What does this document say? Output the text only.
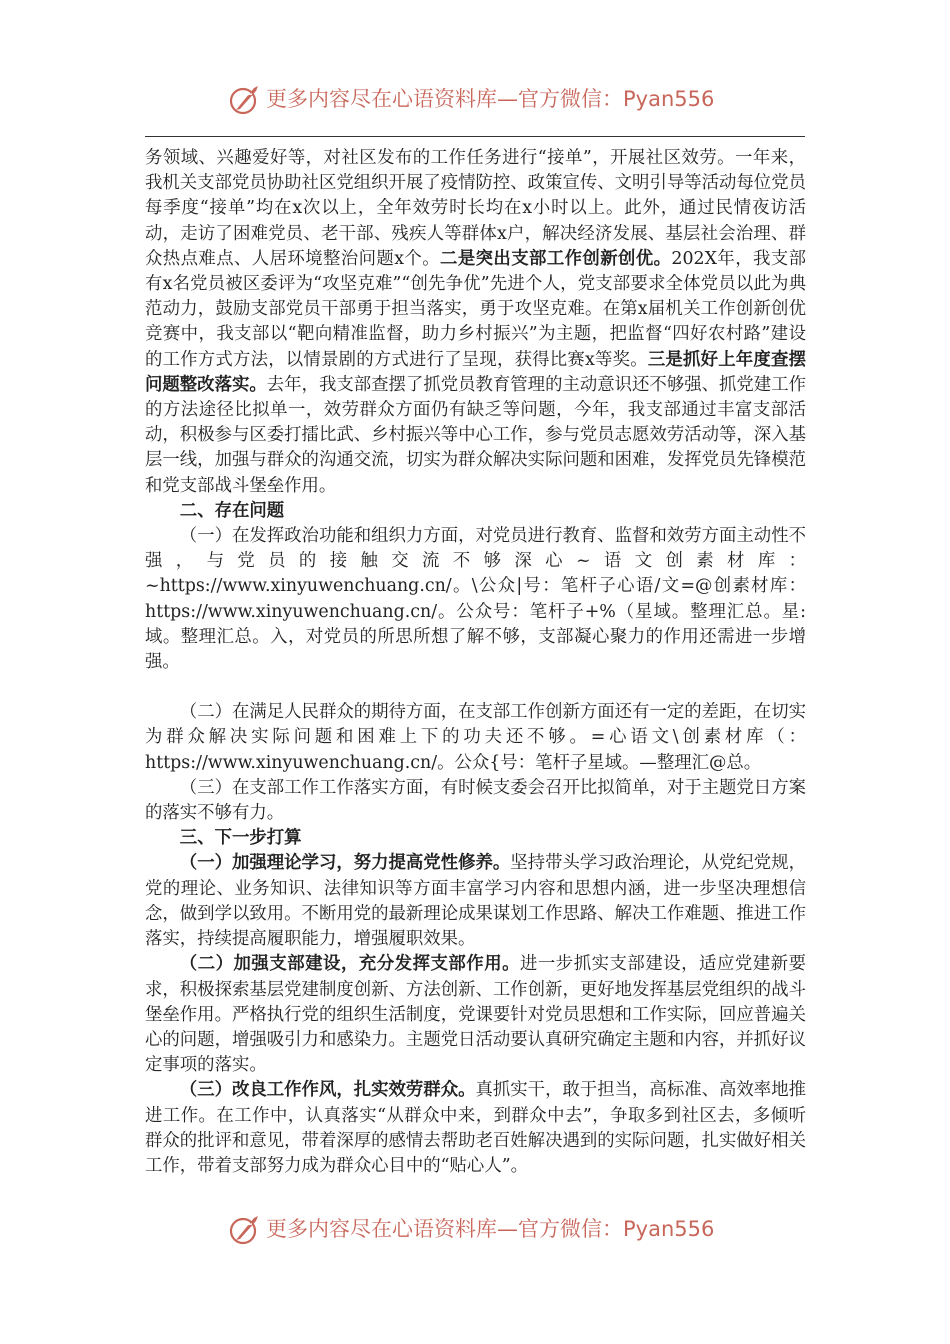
更多内容尽在心语资料库—官方微信：Pyan556

务领域、兴趣爱好等，对社区发布的工作任务进行“接单”，开展社区效劳。一年来，我机关支部党员协助社区党组织开展了疫情防控、政策宣传、文明引导等活动每位党员每季度“接单”均在x次以上，全年效劳时长均在x小时以上。此外，通过民情夜访活动，走访了困难党员、老干部、残疾人等群体x户，解决经济发展、基层社会治理、群众热点难点、人居环境整治问题x个。二是突出支部工作创新创优。202X年，我支部有x名党员被区委评为“攻坚克难”“创先争优”先进个人，党支部要求全体党员以此为典范动力，鼓励支部党员干部勇于担当落实，勇于攻坚克难。在第x届机关工作创新创优竞赛中，我支部以“靶向精准监督，助力乡村振兴”为主题，把监督“四好农村路”建设的工作方式方法，以情景剧的方式进行了呈现，获得比赛x等奖。三是抓好上年度查摆问题整改落实。去年，我支部查摆了抓党员教育管理的主动意识还不够强、抓党建工作的方法途径比拟单一，效劳群众方面仍有缺乏等问题，今年，我支部通过丰富支部活动，积极参与区委打擂比武、乡村振兴等中心工作，参与党员志愿效劳活动等，深入基层一线，加强与群众的沟通交流，切实为群众解决实际问题和困难，发挥党员先锋模范和党支部战斗堡垒作用。

二、存在问题

（一）在发挥政治功能和组织力方面，对党员进行教育、监督和效劳方面主动性不强，与党员的接触交流不够深心~语文创素材库：~https://www.xinyuwenchuang.cn/。\公众|号：笔杆子心语/文=@创素材库：https://www.xinyuwenchuang.cn/。公众号：笔杆子+%（星域。整理汇总。星:域。整理汇总。入，对党员的所思所想了解不够，支部凝心聚力的作用还需进一步增强。

（二）在满足人民群众的期待方面，在支部工作创新方面还有一定的差距，在切实为群众解决实际问题和困难上下的功夫还不够。=心语文\创素材库（：https://www.xinyuwenchuang.cn/。公众{号：笔杆子星域。—整理汇@总。

（三）在支部工作工作落实方面，有时候支委会召开比拟简单，对于主题党日方案的落实不够有力。

三、下一步打算

（一）加强理论学习，努力提高党性修养。坚持带头学习政治理论，从党纪党规，党的理论、业务知识、法律知识等方面丰富学习内容和思想内涵，进一步坚决理想信念，做到学以致用。不断用党的最新理论成果谋划工作思路、解决工作难题、推进工作落实，持续提高履职能力，增强履职效果。

（二）加强支部建设，充分发挥支部作用。进一步抓实支部建设，适应党建新要求，积极探索基层党建制度创新、方法创新、工作创新，更好地发挥基层党组织的战斗堡垒作用。严格执行党的组织生活制度，党课要针对党员思想和工作实际，回应普遍关心的问题，增强吸引力和感染力。主题党日活动要认真研究确定主题和内容，并抓好议定事项的落实。

（三）改良工作作风，扎实效劳群众。真抓实干，敢于担当，高标准、高效率地推进工作。在工作中，认真落实“从群众中来，到群众中去”，争取多到社区去，多倾听群众的批评和意见，带着深厚的感情去帮助老百姓解决遇到的实际问题，扎实做好相关工作，带着支部努力成为群众心目中的“贴心人”。

更多内容尽在心语资料库—官方微信：Pyan556
